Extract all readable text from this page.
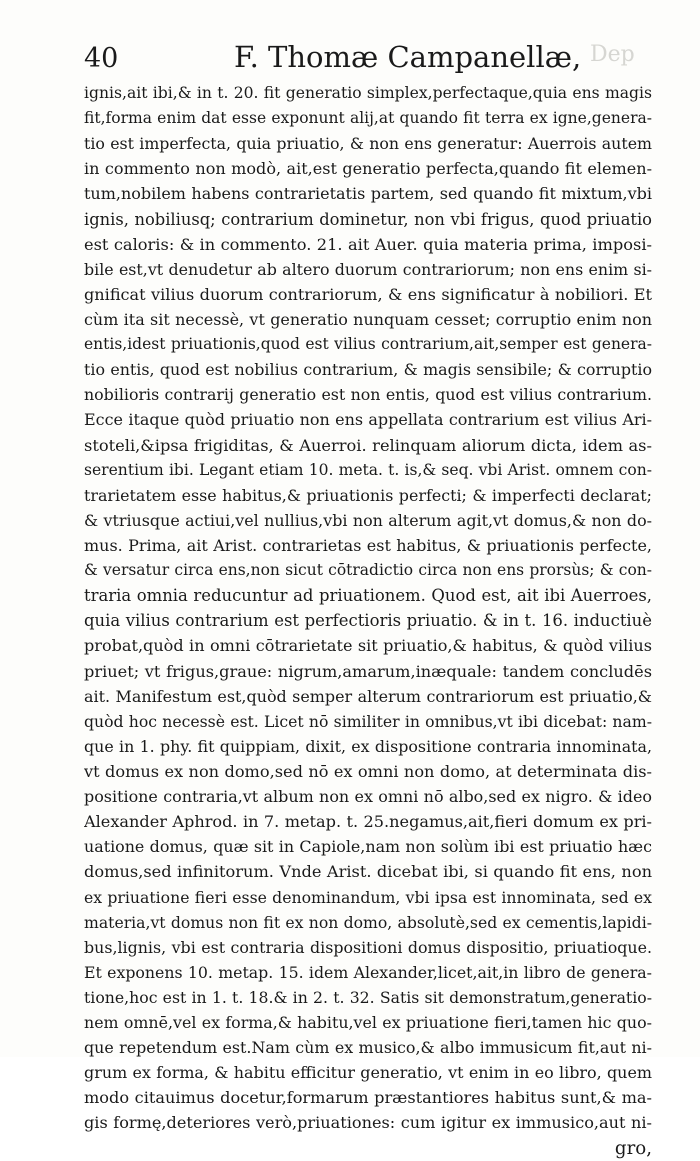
Dep
40	F. Thomæ Campanellæ,
ignis,ait ibi,& in t. 20. fit generatio simplex,perfectaque,quia ens magis
fit,forma enim dat esse exponunt alij,at quando fit terra ex igne,genera-
tio est imperfecta, quia priuatio, & non ens generatur: Auerrois autem
in commento non modò, ait,est generatio perfecta,quando fit elemen-
tum,nobilem habens contrarietatis partem, sed quando fit mixtum,vbi
ignis, nobiliusq; contrarium dominetur, non vbi frigus, quod priuatio
est caloris: & in commento. 21. ait Auer. quia materia prima, imposi-
bile est,vt denudetur ab altero duorum contrariorum; non ens enim si-
gnificat vilius duorum contrariorum, & ens significatur à nobiliori. Et
cùm ita sit necessè, vt generatio nunquam cesset; corruptio enim non
entis,idest priuationis,quod est vilius contrarium,ait,semper est genera-
tio entis, quod est nobilius contrarium, & magis sensibile; & corruptio
nobilioris contrarij generatio est non entis, quod est vilius contrarium.
Ecce itaque quòd priuatio non ens appellata contrarium est vilius Ari-
stoteli,&ipsa frigiditas, & Auerroi. relinquam aliorum dicta, idem as-
serentium ibi. Legant etiam 10. meta. t. is,& seq. vbi Arist. omnem con-
trarietatem esse habitus,& priuationis perfecti; & imperfecti declarat;
& vtriusque actiui,vel nullius,vbi non alterum agit,vt domus,& non do-
mus. Prima, ait Arist. contrarietas est habitus, & priuationis perfecte,
& versatur circa ens,non sicut cōtradictio circa non ens prorsùs; & con-
traria omnia reducuntur ad priuationem. Quod est, ait ibi Auerroes,
quia vilius contrarium est perfectioris priuatio. & in t. 16. inductiuè
probat,quòd in omni cōtrarietate sit priuatio,& habitus, & quòd vilius
priuet; vt frigus,graue: nigrum,amarum,inæquale: tandem concludēs
ait. Manifestum est,quòd semper alterum contrariorum est priuatio,&
quòd hoc necessè est. Licet nō similiter in omnibus,vt ibi dicebat: nam-
que in 1. phy. fit quippiam, dixit, ex dispositione contraria innominata,
vt domus ex non domo,sed nō ex omni non domo, at determinata dis-
positione contraria,vt album non ex omni nō albo,sed ex nigro. & ideo
Alexander Aphrod. in 7. metap. t. 25.negamus,ait,fieri domum ex pri-
uatione domus, quæ sit in Capiole,nam non solùm ibi est priuatio hæc
domus,sed infinitorum. Vnde Arist. dicebat ibi, si quando fit ens, non
ex priuatione fieri esse denominandum, vbi ipsa est innominata, sed ex
materia,vt domus non fit ex non domo, absolutè,sed ex cementis,lapidi-
bus,lignis, vbi est contraria dispositioni domus dispositio, priuatioque.
Et exponens 10. metap. 15. idem Alexander,licet,ait,in libro de genera-
tione,hoc est in 1. t. 18.& in 2. t. 32. Satis sit demonstratum,generatio-
nem omnē,vel ex forma,& habitu,vel ex priuatione fieri,tamen hic quo-
que repetendum est.Nam cùm ex musico,& albo immusicum fit,aut ni-
grum ex forma, & habitu efficitur generatio, vt enim in eo libro, quem
modo citauimus docetur,formarum præstantiores habitus sunt,& ma-
gis formę,deteriores verò,priuationes: cum igitur ex immusico,aut ni-
gro,
